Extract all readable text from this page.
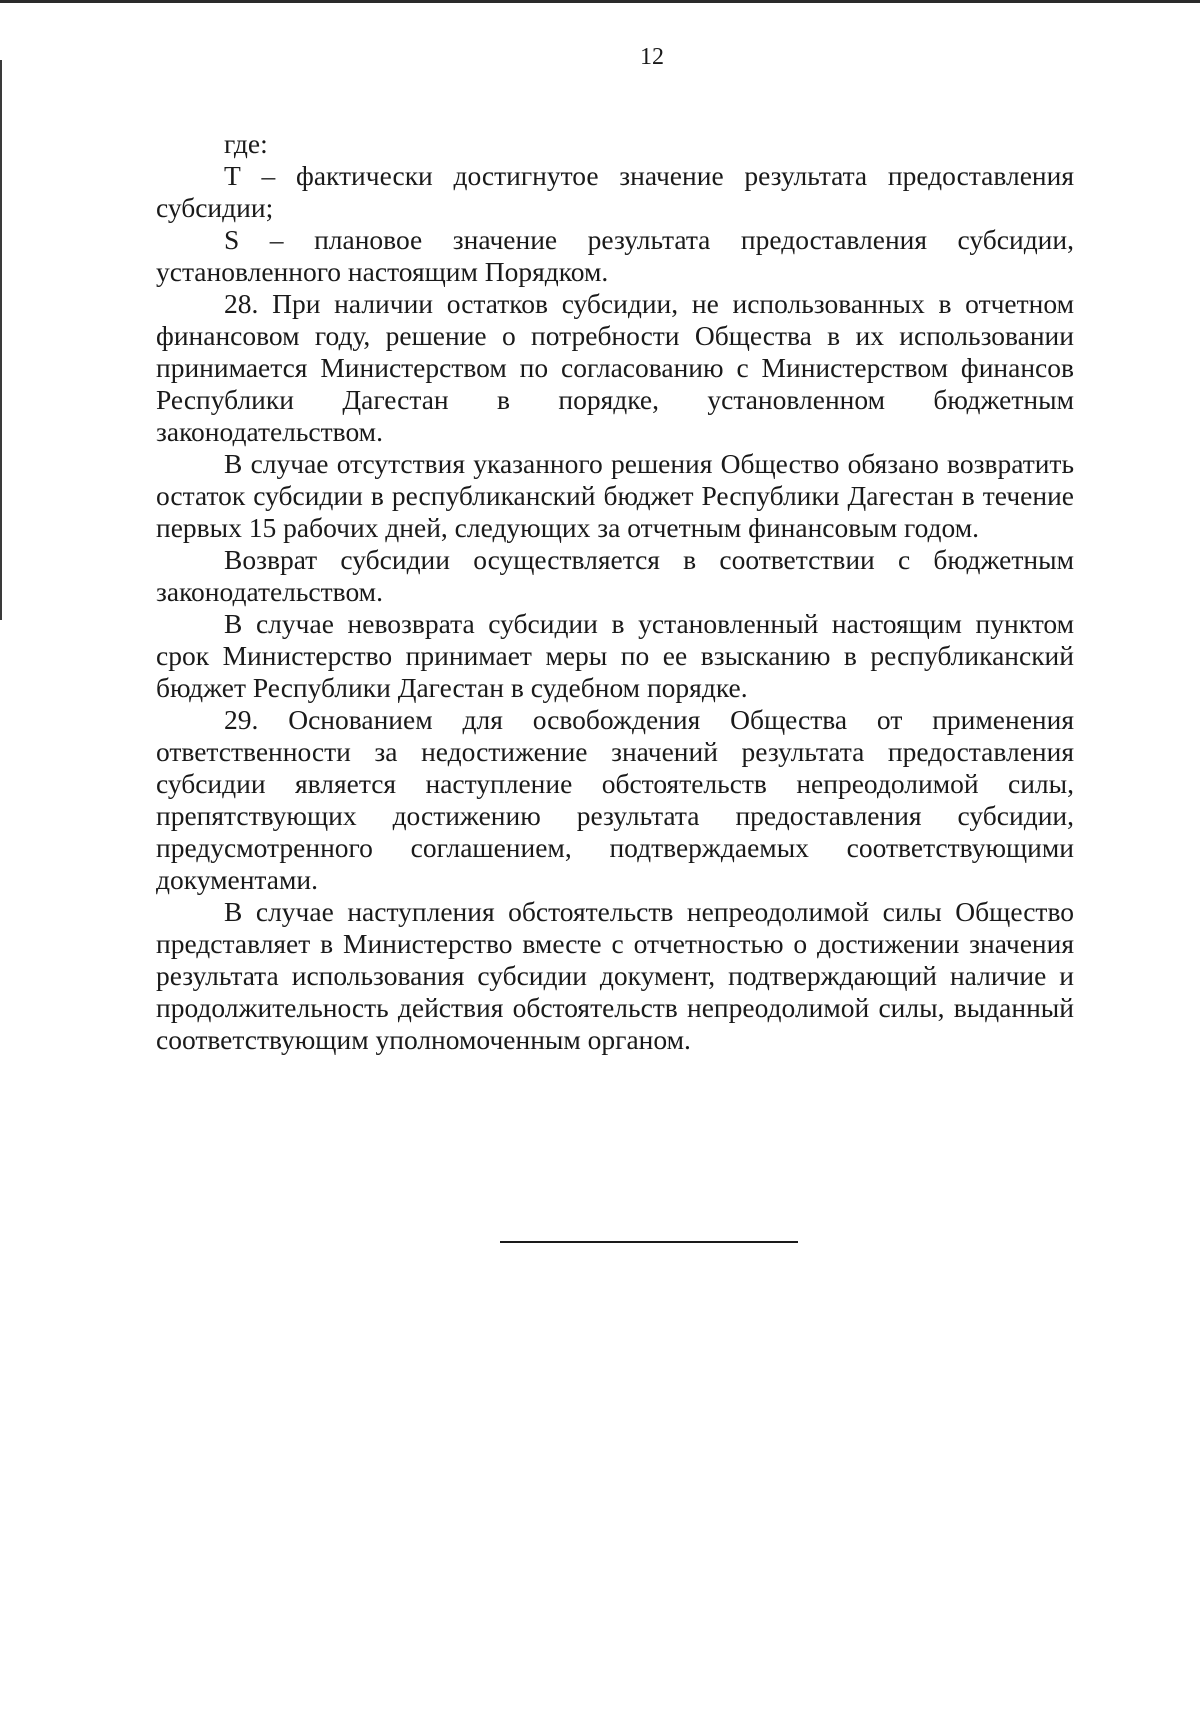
12

где:

Т – фактически достигнутое значение результата предоставления субсидии;

S – плановое значение результата предоставления субсидии, установленного настоящим Порядком.

28. При наличии остатков субсидии, не использованных в отчетном финансовом году, решение о потребности Общества в их использовании принимается Министерством по согласованию с Министерством финансов Республики Дагестан в порядке, установленном бюджетным законодательством.

В случае отсутствия указанного решения Общество обязано возвратить остаток субсидии в республиканский бюджет Республики Дагестан в течение первых 15 рабочих дней, следующих за отчетным финансовым годом.

Возврат субсидии осуществляется в соответствии с бюджетным законодательством.

В случае невозврата субсидии в установленный настоящим пунктом срок Министерство принимает меры по ее взысканию в республиканский бюджет Республики Дагестан в судебном порядке.

29. Основанием для освобождения Общества от применения ответственности за недостижение значений результата предоставления субсидии является наступление обстоятельств непреодолимой силы, препятствующих достижению результата предоставления субсидии, предусмотренного соглашением, подтверждаемых соответствующими документами.

В случае наступления обстоятельств непреодолимой силы Общество представляет в Министерство вместе с отчетностью о достижении значения результата использования субсидии документ, подтверждающий наличие и продолжительность действия обстоятельств непреодолимой силы, выданный соответствующим уполномоченным органом.
